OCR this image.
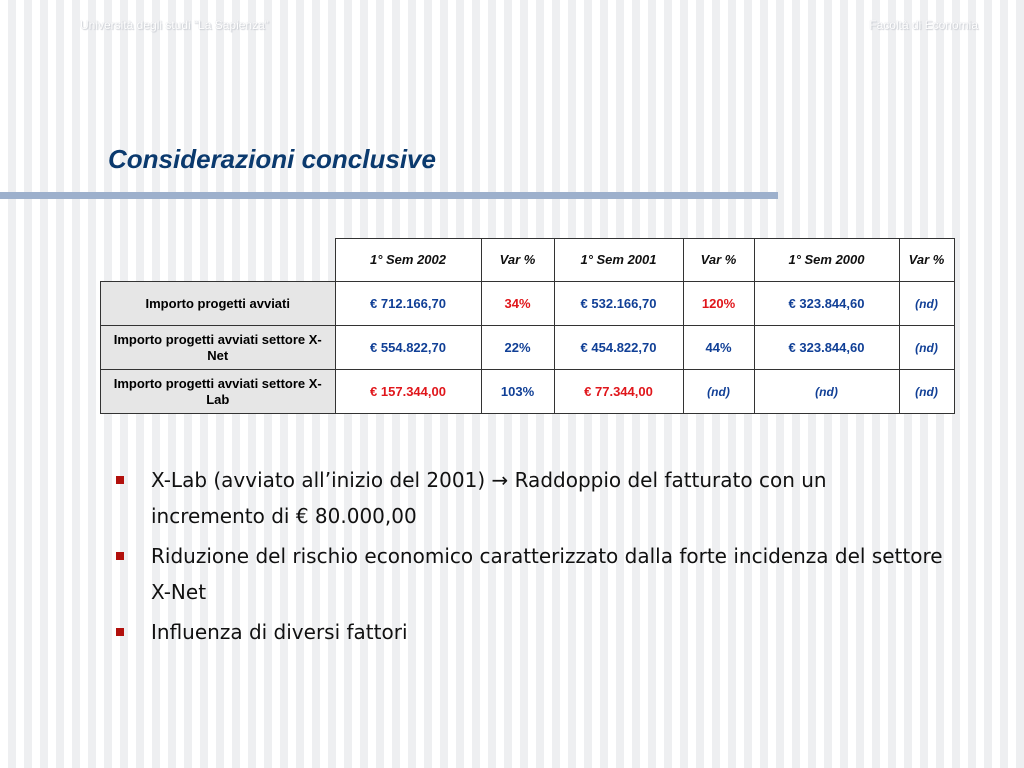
Università degli studi “La Sapienza”	Facoltà di Economia
Considerazioni conclusive
	1° Sem 2002	Var %	1° Sem 2001	Var %	1° Sem 2000	Var %
Importo progetti avviati	€ 712.166,70	34%	€ 532.166,70	120%	€ 323.844,60	(nd)
Importo progetti avviati settore X-Net	€ 554.822,70	22%	€ 454.822,70	44%	€ 323.844,60	(nd)
Importo progetti avviati settore X-Lab	€ 157.344,00	103%	€ 77.344,00	(nd)	(nd)	(nd)
X-Lab (avviato all’inizio del 2001) → Raddoppio del fatturato con un incremento di € 80.000,00
Riduzione del rischio economico caratterizzato dalla forte incidenza del settore X-Net
Influenza di diversi fattori
